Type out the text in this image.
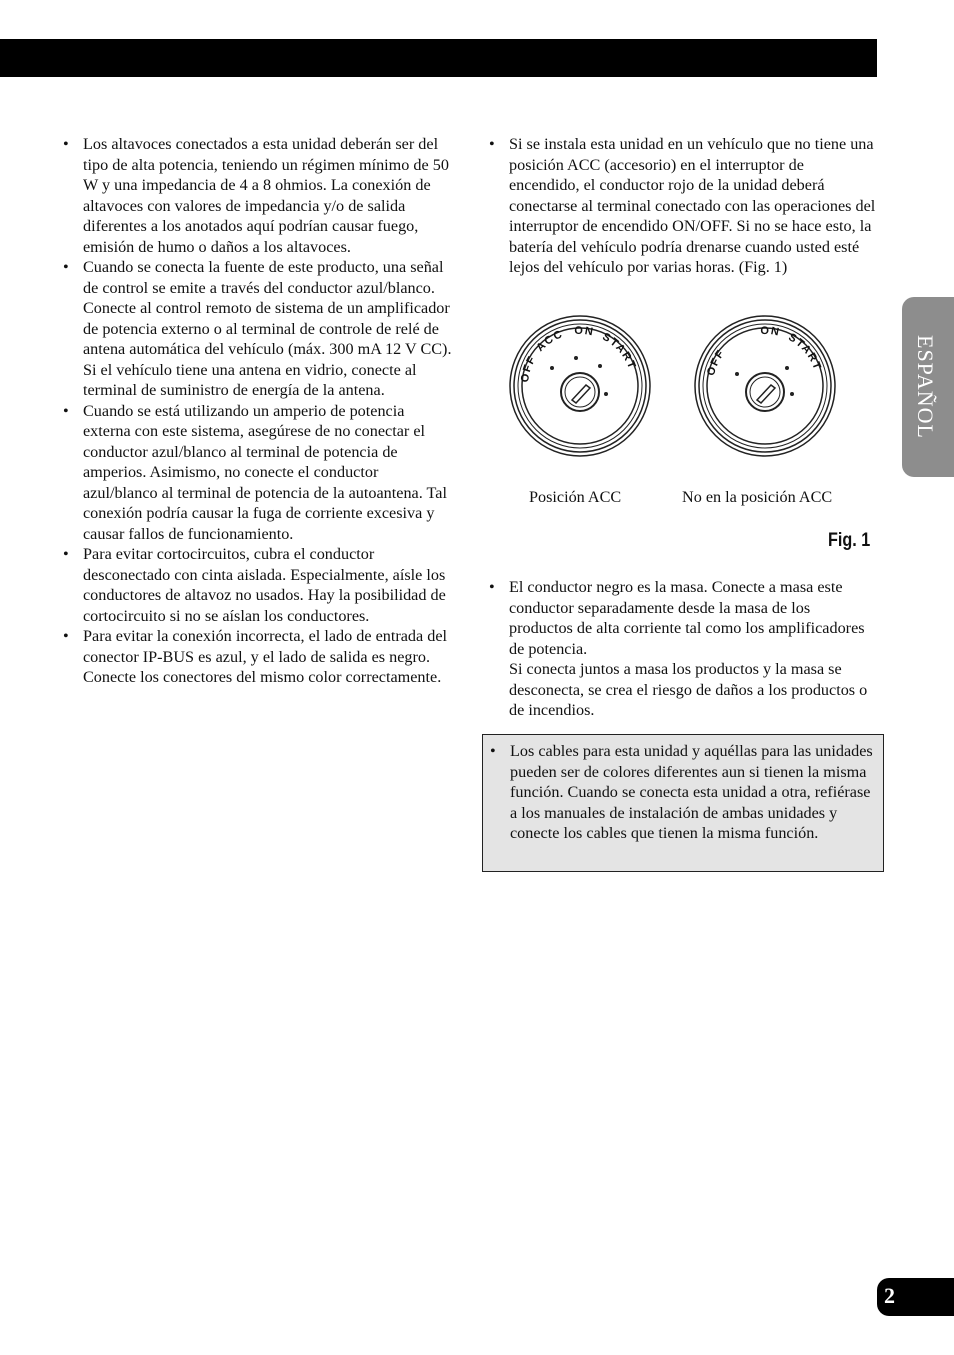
• Los altavoces conectados a esta unidad deberán ser del tipo de alta potencia, teniendo un régimen mínimo de 50 W y una impedancia de 4 a 8 ohmios. La conexión de altavoces con valores de impedancia y/o de salida diferentes a los anotados aquí podrían causar fuego, emisión de humo o daños a los altavoces.
• Cuando se conecta la fuente de este producto, una señal de control se emite a través del conductor azul/blanco. Conecte al control remoto de sistema de un amplificador de potencia externo o al terminal de controle de relé de antena automática del vehículo (máx. 300 mA 12 V CC). Si el vehículo tiene una antena en vidrio, conecte al terminal de suministro de energía de la antena.
• Cuando se está utilizando un amperio de potencia externa con este sistema, asegúrese de no conectar el conductor azul/blanco al terminal de potencia de amperios. Asimismo, no conecte el conductor azul/blanco al terminal de potencia de la autoantena. Tal conexión podría causar la fuga de corriente excesiva y causar fallos de funcionamiento.
• Para evitar cortocircuitos, cubra el conductor desconectado con cinta aislada. Especialmente, aísle los conductores de altavoz no usados. Hay la posibilidad de cortocircuito si no se aíslan los conductores.
• Para evitar la conexión incorrecta, el lado de entrada del conector IP-BUS es azul, y el lado de salida es negro. Conecte los conectores del mismo color correctamente.
• Si se instala esta unidad en un vehículo que no tiene una posición ACC (accesorio) en el interruptor de encendido, el conductor rojo de la unidad deberá conectarse al terminal conectado con las operaciones del interruptor de encendido ON/OFF. Si no se hace esto, la batería del vehículo podría drenarse cuando usted esté lejos del vehículo por varias horas. (Fig. 1)
OFF ACC ON START	OFF ON START
Posición ACC	No en la posición ACC
Fig. 1
• El conductor negro es la masa. Conecte a masa este conductor separadamente desde la masa de los productos de alta corriente tal como los amplificadores de potencia.
Si conecta juntos a masa los productos y la masa se desconecta, se crea el riesgo de daños a los productos o de incendios.
• Los cables para esta unidad y aquéllas para las unidades pueden ser de colores diferentes aun si tienen la misma función. Cuando se conecta esta unidad a otra, refiérase a los manuales de instalación de ambas unidades y conecte los cables que tienen la misma función.
ESPAÑOL
2
